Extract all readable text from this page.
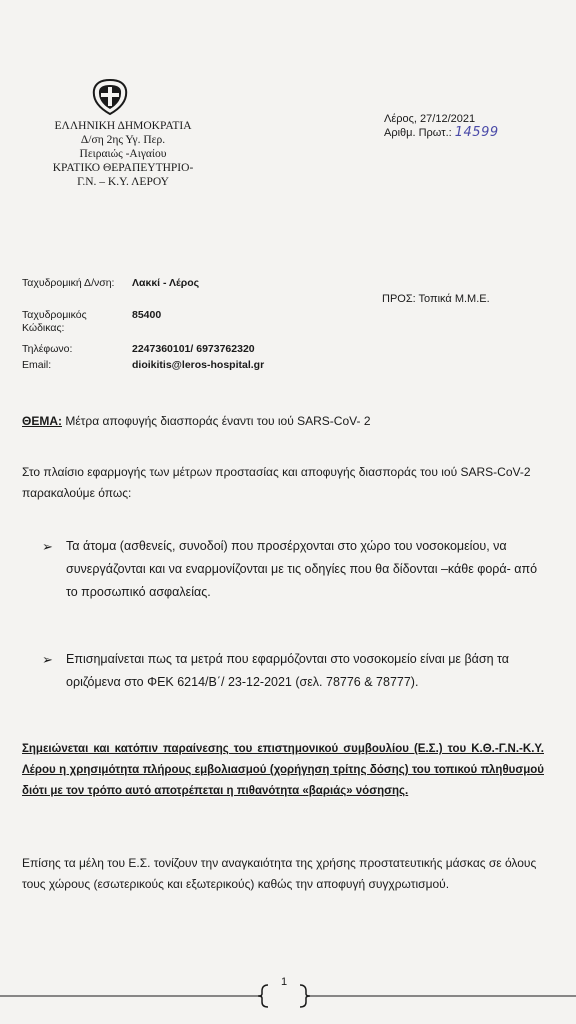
ΕΛΛΗΝΙΚΗ ΔΗΜΟΚΡΑΤΙΑ
Δ/ση 2ης Υγ. Περ.
Πειραιώς -Αιγαίου
ΚΡΑΤΙΚΟ ΘΕΡΑΠΕΥΤΗΡΙΟ-
Γ.Ν. – Κ.Υ. ΛΕΡΟΥ
Λέρος, 27/12/2021
Αριθμ. Πρωτ.: 14599
Ταχυδρομική Δ/νση:	Λακκί - Λέρος
Ταχυδρομικός Κώδικας:
85400
Τηλέφωνο:	2247360101/ 6973762320
Email:	dioikitis@leros-hospital.gr
ΠΡΟΣ: Τοπικά Μ.Μ.Ε.
ΘΕΜΑ: Μέτρα αποφυγής διασποράς έναντι του ιού SARS-CoV- 2
Στο πλαίσιο εφαρμογής των μέτρων προστασίας και αποφυγής διασποράς του ιού SARS-CoV-2 παρακαλούμε όπως:
➢ Τα άτομα (ασθενείς, συνοδοί) που προσέρχονται στο χώρο του νοσοκομείου, να συνεργάζονται και να εναρμονίζονται με τις οδηγίες που θα δίδονται –κάθε φορά- από το προσωπικό ασφαλείας.
➢ Επισημαίνεται πως τα μετρά που εφαρμόζονται στο νοσοκομείο είναι με βάση τα οριζόμενα στο ΦΕΚ 6214/Β΄/ 23-12-2021 (σελ. 78776 & 78777).
Σημειώνεται και κατόπιν παραίνεσης του επιστημονικού συμβουλίου (Ε.Σ.) του Κ.Θ.-Γ.Ν.-Κ.Υ. Λέρου η χρησιμότητα πλήρους εμβολιασμού (χορήγηση τρίτης δόσης) του τοπικού πληθυσμού διότι με τον τρόπο αυτό αποτρέπεται η πιθανότητα «βαριάς» νόσησης.
Επίσης τα μέλη του Ε.Σ. τονίζουν την αναγκαιότητα της χρήσης προστατευτικής μάσκας σε όλους τους χώρους (εσωτερικούς και εξωτερικούς) καθώς την αποφυγή συγχρωτισμού.
1
